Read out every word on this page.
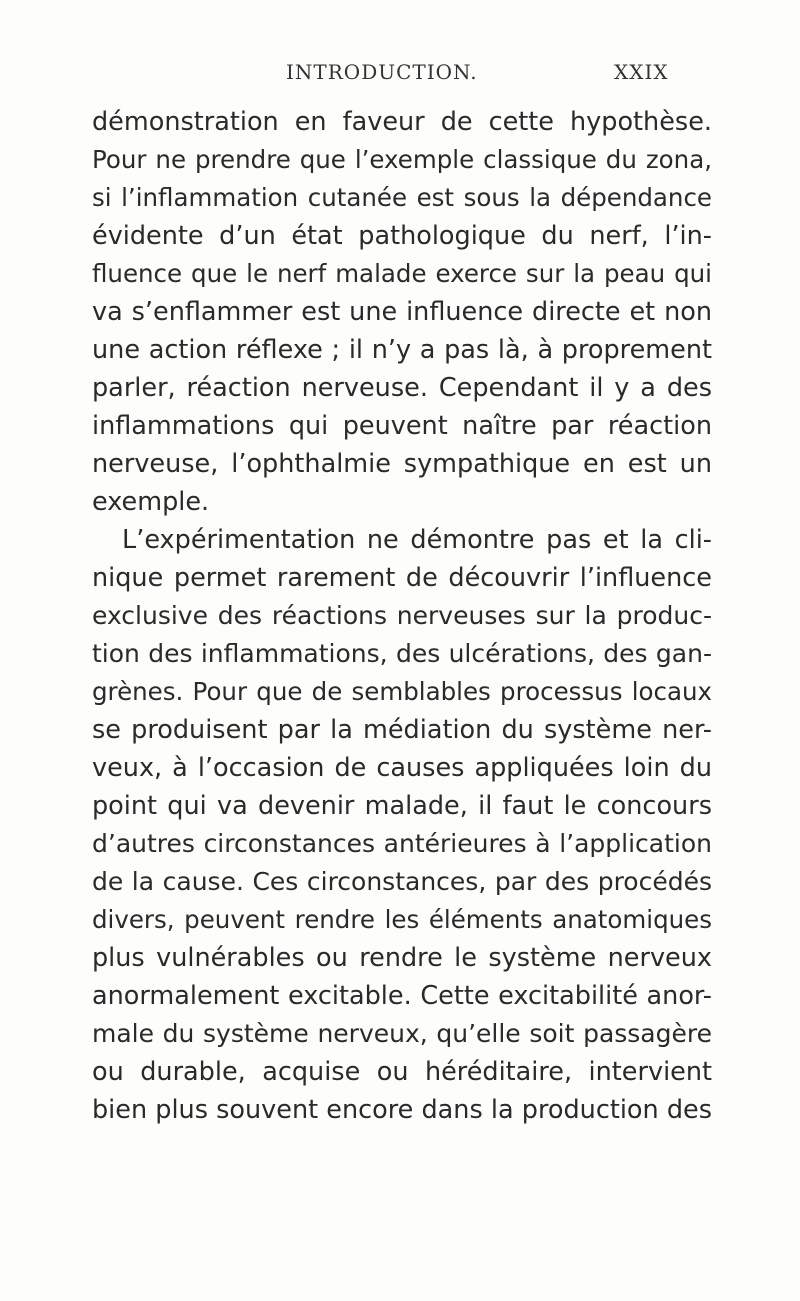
INTRODUCTION.	XXIX
démonstration en faveur de cette hypothèse.
Pour ne prendre que l’exemple classique du zona,
si l’inflammation cutanée est sous la dépendance
évidente d’un état pathologique du nerf, l’in-
fluence que le nerf malade exerce sur la peau qui
va s’enflammer est une influence directe et non
une action réflexe ; il n’y a pas là, à proprement
parler, réaction nerveuse. Cependant il y a des
inflammations qui peuvent naître par réaction
nerveuse, l’ophthalmie sympathique en est un
exemple.
L’expérimentation ne démontre pas et la cli-
nique permet rarement de découvrir l’influence
exclusive des réactions nerveuses sur la produc-
tion des inflammations, des ulcérations, des gan-
grènes. Pour que de semblables processus locaux
se produisent par la médiation du système ner-
veux, à l’occasion de causes appliquées loin du
point qui va devenir malade, il faut le concours
d’autres circonstances antérieures à l’application
de la cause. Ces circonstances, par des procédés
divers, peuvent rendre les éléments anatomiques
plus vulnérables ou rendre le système nerveux
anormalement excitable. Cette excitabilité anor-
male du système nerveux, qu’elle soit passagère
ou durable, acquise ou héréditaire, intervient
bien plus souvent encore dans la production des
